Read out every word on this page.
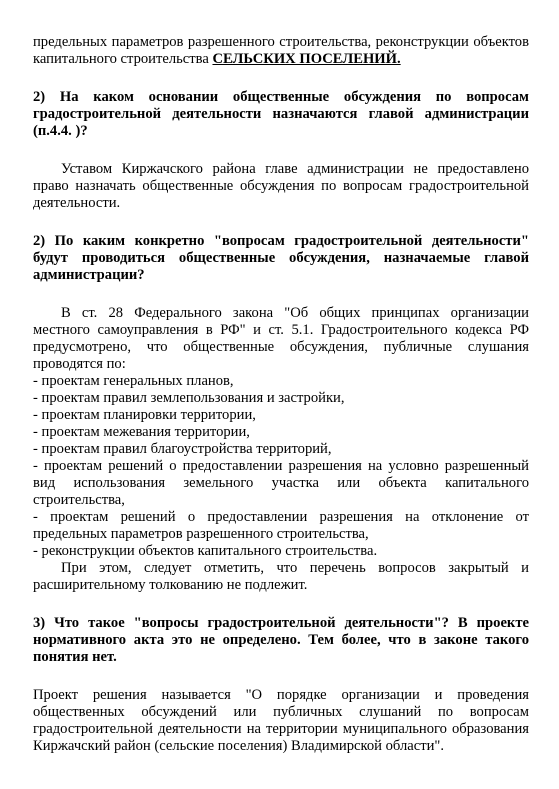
предельных параметров разрешенного строительства, реконструкции объектов капитального строительства СЕЛЬСКИХ ПОСЕЛЕНИЙ.

2) На каком основании общественные обсуждения по вопросам градостроительной деятельности назначаются главой администрации (п.4.4. )?

Уставом Киржачского района главе администрации не предоставлено право назначать общественные обсуждения по вопросам градостроительной деятельности.

2) По каким конкретно "вопросам градостроительной деятельности" будут проводиться общественные обсуждения, назначаемые главой администрации?

В ст. 28 Федерального закона "Об общих принципах организации местного самоуправления в РФ" и ст. 5.1. Градостроительного кодекса РФ предусмотрено, что общественные обсуждения, публичные слушания проводятся по:

- проектам генеральных планов,
- проектам правил землепользования и застройки,
- проектам планировки территории,
- проектам межевания территории,
- проектам правил благоустройства территорий,
- проектам решений о предоставлении разрешения на условно разрешенный вид использования земельного участка или объекта капитального строительства,
- проектам решений о предоставлении разрешения на отклонение от предельных параметров разрешенного строительства,
- реконструкции объектов капитального строительства.

При этом, следует отметить, что перечень вопросов закрытый и расширительному толкованию не подлежит.

3) Что такое "вопросы градостроительной деятельности"? В проекте нормативного акта это не определено. Тем более, что в законе такого понятия нет.

Проект решения называется "О порядке организации и проведения общественных обсуждений или публичных слушаний по вопросам градостроительной деятельности на территории муниципального образования Киржачский район (сельские поселения) Владимирской области".
